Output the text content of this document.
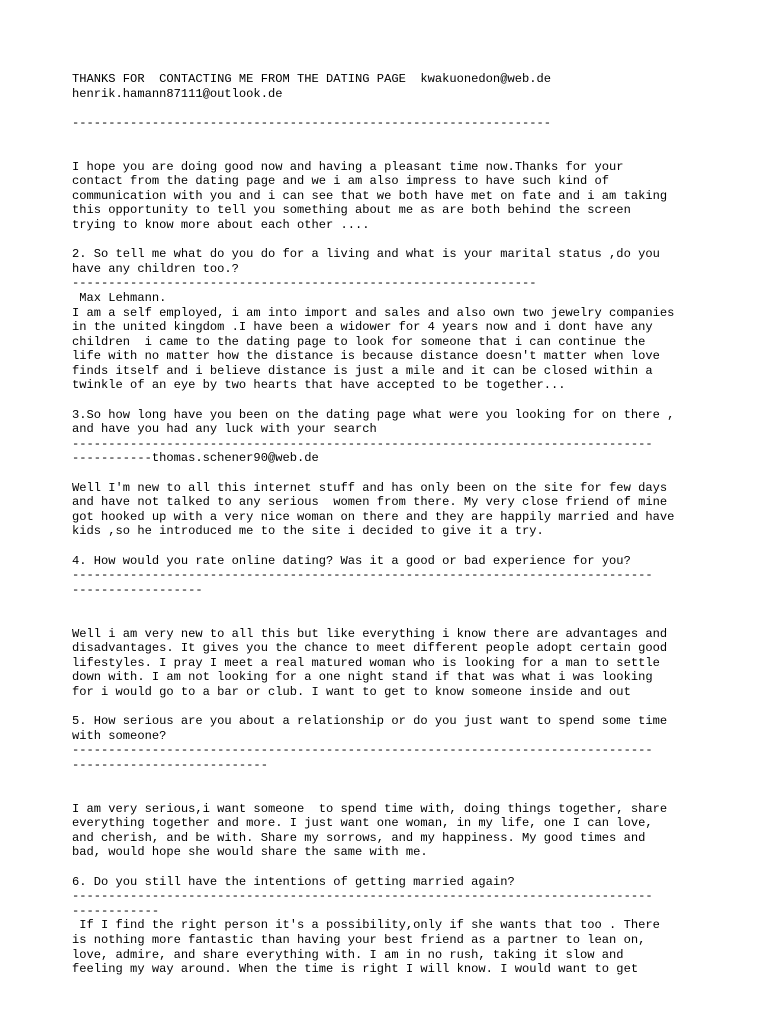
THANKS FOR  CONTACTING ME FROM THE DATING PAGE  kwakuonedon@web.de
henrik.hamann87111@outlook.de
------------------------------------------------------------------
I hope you are doing good now and having a pleasant time now.Thanks for your
contact from the dating page and we i am also impress to have such kind of
communication with you and i can see that we both have met on fate and i am taking
this opportunity to tell you something about me as are both behind the screen
trying to know more about each other ....
2. So tell me what do you do for a living and what is your marital status ,do you
have any children too.?
----------------------------------------------------------------
Max Lehmann.
I am a self employed, i am into import and sales and also own two jewelry companies
in the united kingdom .I have been a widower for 4 years now and i dont have any
children  i came to the dating page to look for someone that i can continue the
life with no matter how the distance is because distance doesn't matter when love
finds itself and i believe distance is just a mile and it can be closed within a
twinkle of an eye by two hearts that have accepted to be together...
3.So how long have you been on the dating page what were you looking for on there ,
and have you had any luck with your search
--------------------------------------------------------------------------------
-----------thomas.schener90@web.de
Well I'm new to all this internet stuff and has only been on the site for few days
and have not talked to any serious  women from there. My very close friend of mine
got hooked up with a very nice woman on there and they are happily married and have
kids ,so he introduced me to the site i decided to give it a try.
4. How would you rate online dating? Was it a good or bad experience for you?
--------------------------------------------------------------------------------
------------------
Well i am very new to all this but like everything i know there are advantages and
disadvantages. It gives you the chance to meet different people adopt certain good
lifestyles. I pray I meet a real matured woman who is looking for a man to settle
down with. I am not looking for a one night stand if that was what i was looking
for i would go to a bar or club. I want to get to know someone inside and out
5. How serious are you about a relationship or do you just want to spend some time
with someone?
--------------------------------------------------------------------------------
---------------------------
I am very serious,i want someone  to spend time with, doing things together, share
everything together and more. I just want one woman, in my life, one I can love,
and cherish, and be with. Share my sorrows, and my happiness. My good times and
bad, would hope she would share the same with me.
6. Do you still have the intentions of getting married again?
--------------------------------------------------------------------------------
------------
If I find the right person it's a possibility,only if she wants that too . There
is nothing more fantastic than having your best friend as a partner to lean on,
love, admire, and share everything with. I am in no rush, taking it slow and
feeling my way around. When the time is right I will know. I would want to get
